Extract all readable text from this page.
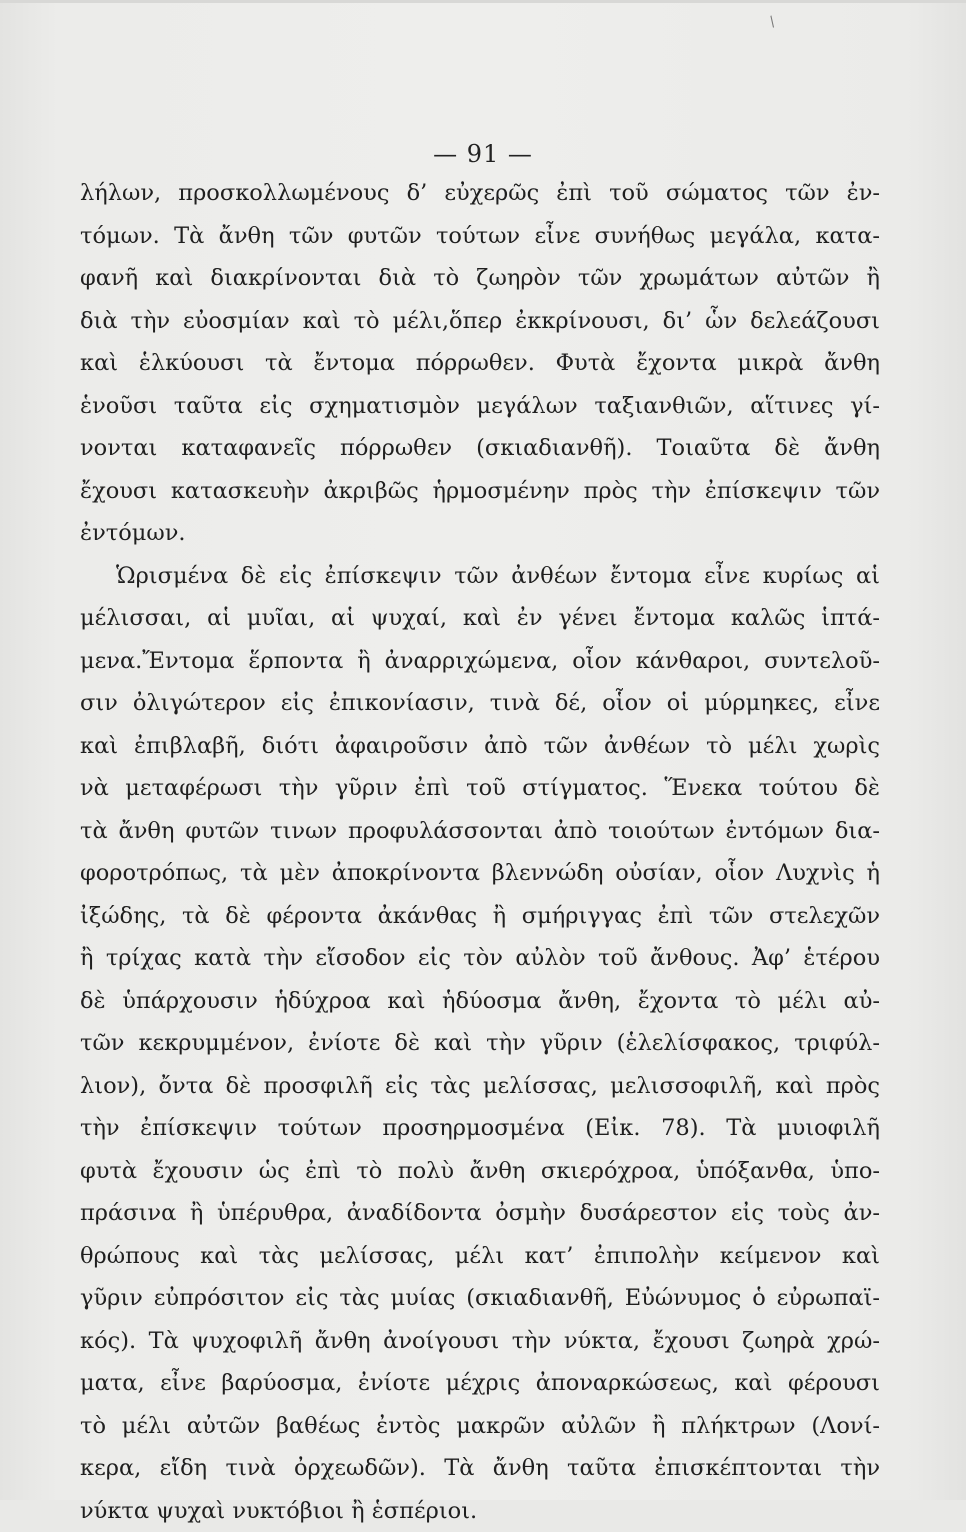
/
— 91 —
λήλων, προσκολλωμένους δ’ εὐχερῶς ἐπὶ τοῦ σώματος τῶν ἐν-
τόμων. Τὰ ἄνθη τῶν φυτῶν τούτων εἶνε συνήθως μεγάλα, κατα-
φανῆ καὶ διακρίνονται διὰ τὸ ζωηρὸν τῶν χρωμάτων αὐτῶν ἢ
διὰ τὴν εὐοσμίαν καὶ τὸ μέλι,ὅπερ ἐκκρίνουσι, δι’ ὧν δελεάζουσι
καὶ ἑλκύουσι τὰ ἔντομα πόρρωθεν. Φυτὰ ἔχοντα μικρὰ ἄνθη
ἑνοῦσι ταῦτα εἰς σχηματισμὸν μεγάλων ταξιανθιῶν, αἵτινες γί-
νονται καταφανεῖς πόρρωθεν (σκιαδιανθῆ). Τοιαῦτα δὲ ἄνθη
ἔχουσι κατασκευὴν ἀκριβῶς ἡρμοσμένην πρὸς τὴν ἐπίσκεψιν τῶν
ἐντόμων.
Ὡρισμένα δὲ εἰς ἐπίσκεψιν τῶν ἀνθέων ἔντομα εἶνε κυρίως αἱ
μέλισσαι, αἱ μυῖαι, αἱ ψυχαί, καὶ ἐν γένει ἔντομα καλῶς ἱπτά-
μενα.Ἔντομα ἕρποντα ἢ ἀναρριχώμενα, οἷον κάνθαροι, συντελοῦ-
σιν ὀλιγώτερον εἰς ἐπικονίασιν, τινὰ δέ, οἷον οἱ μύρμηκες, εἶνε
καὶ ἐπιβλαβῆ, διότι ἀφαιροῦσιν ἀπὸ τῶν ἀνθέων τὸ μέλι χωρὶς
νὰ μεταφέρωσι τὴν γῦριν ἐπὶ τοῦ στίγματος. Ἕνεκα τούτου δὲ
τὰ ἄνθη φυτῶν τινων προφυλάσσονται ἀπὸ τοιούτων ἐντόμων δια-
φοροτρόπως, τὰ μὲν ἀποκρίνοντα βλεννώδη οὐσίαν, οἷον Λυχνὶς ἡ
ἰξώδης, τὰ δὲ φέροντα ἀκάνθας ἢ σμήριγγας ἐπὶ τῶν στελεχῶν
ἢ τρίχας κατὰ τὴν εἴσοδον εἰς τὸν αὐλὸν τοῦ ἄνθους. Ἀφ’ ἑτέρου
δὲ ὑπάρχουσιν ἡδύχροα καὶ ἡδύοσμα ἄνθη, ἔχοντα τὸ μέλι αὐ-
τῶν κεκρυμμένον, ἐνίοτε δὲ καὶ τὴν γῦριν (ἑλελίσφακος, τριφύλ-
λιον), ὄντα δὲ προσφιλῆ εἰς τὰς μελίσσας, μελισσοφιλῆ, καὶ πρὸς
τὴν ἐπίσκεψιν τούτων προσηρμοσμένα (Εἰκ. 78). Τὰ μυιοφιλῆ
φυτὰ ἔχουσιν ὡς ἐπὶ τὸ πολὺ ἄνθη σκιερόχροα, ὑπόξανθα, ὑπο-
πράσινα ἢ ὑπέρυθρα, ἀναδίδοντα ὀσμὴν δυσάρεστον εἰς τοὺς ἀν-
θρώπους καὶ τὰς μελίσσας, μέλι κατ’ ἐπιπολὴν κείμενον καὶ
γῦριν εὐπρόσιτον εἰς τὰς μυίας (σκιαδιανθῆ, Εὐώνυμος ὁ εὐρωπαϊ-
κός). Τὰ ψυχοφιλῆ ἄνθη ἀνοίγουσι τὴν νύκτα, ἔχουσι ζωηρὰ χρώ-
ματα, εἶνε βαρύοσμα, ἐνίοτε μέχρις ἀποναρκώσεως, καὶ φέρουσι
τὸ μέλι αὐτῶν βαθέως ἐντὸς μακρῶν αὐλῶν ἢ πλήκτρων (Λονί-
κερα, εἴδη τινὰ ὀρχεωδῶν). Τὰ ἄνθη ταῦτα ἐπισκέπτονται τὴν
νύκτα ψυχαὶ νυκτόβιοι ἢ ἑσπέριοι.
